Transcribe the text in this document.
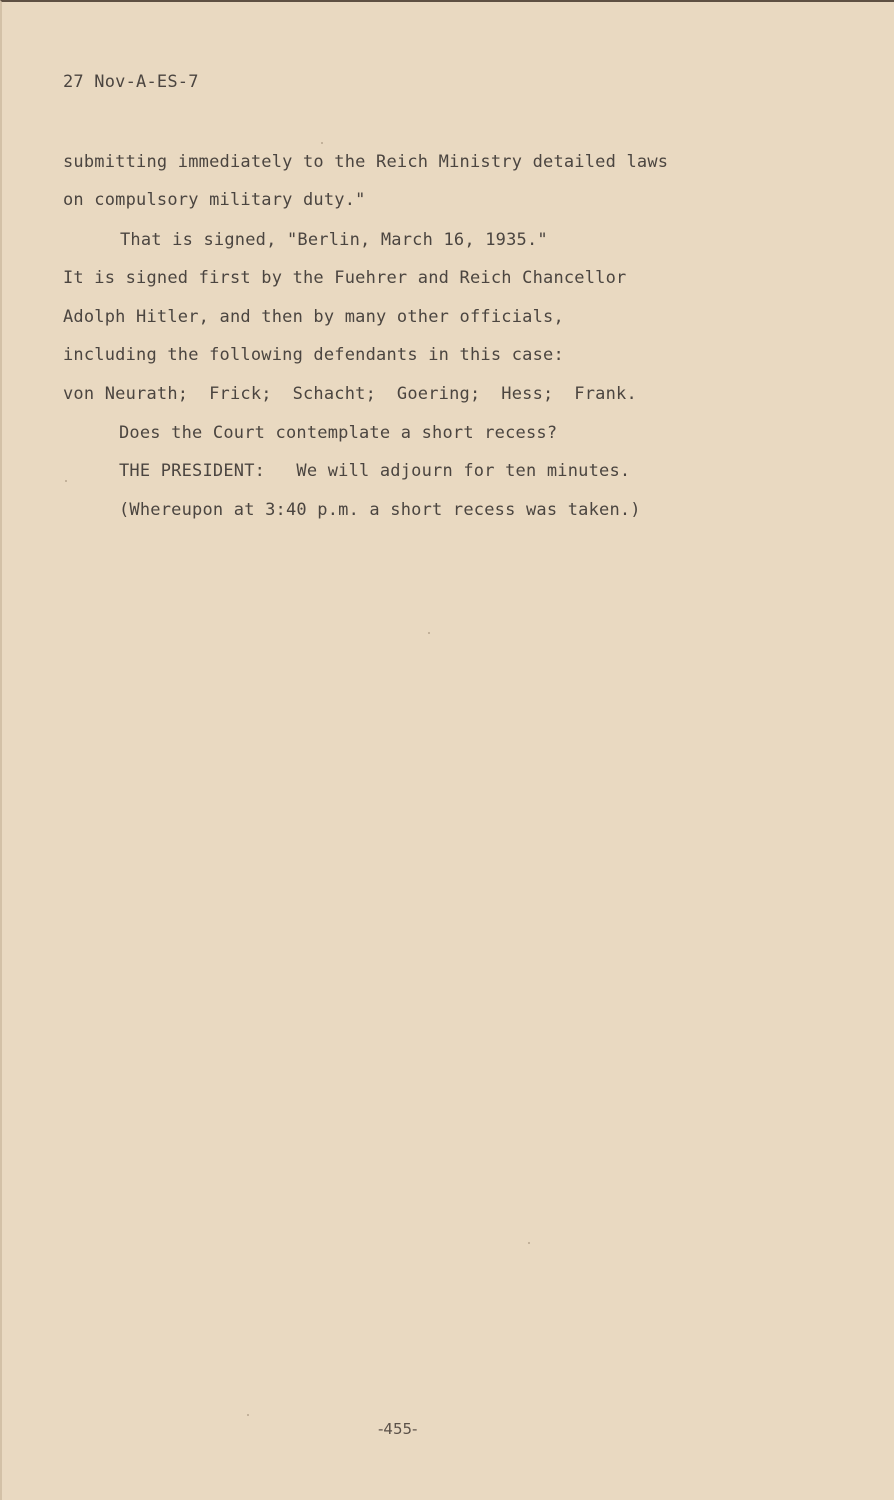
27 Nov-A-ES-7
submitting immediately to the Reich Ministry detailed laws
on compulsory military duty."
That is signed, "Berlin, March 16, 1935."
It is signed first by the Fuehrer and Reich Chancellor
Adolph Hitler, and then by many other officials,
including the following defendants in this case:
von Neurath;  Frick;  Schacht;  Goering;  Hess;  Frank.
Does the Court contemplate a short recess?
THE PRESIDENT:   We will adjourn for ten minutes.
(Whereupon at 3:40 p.m. a short recess was taken.)
-455-
